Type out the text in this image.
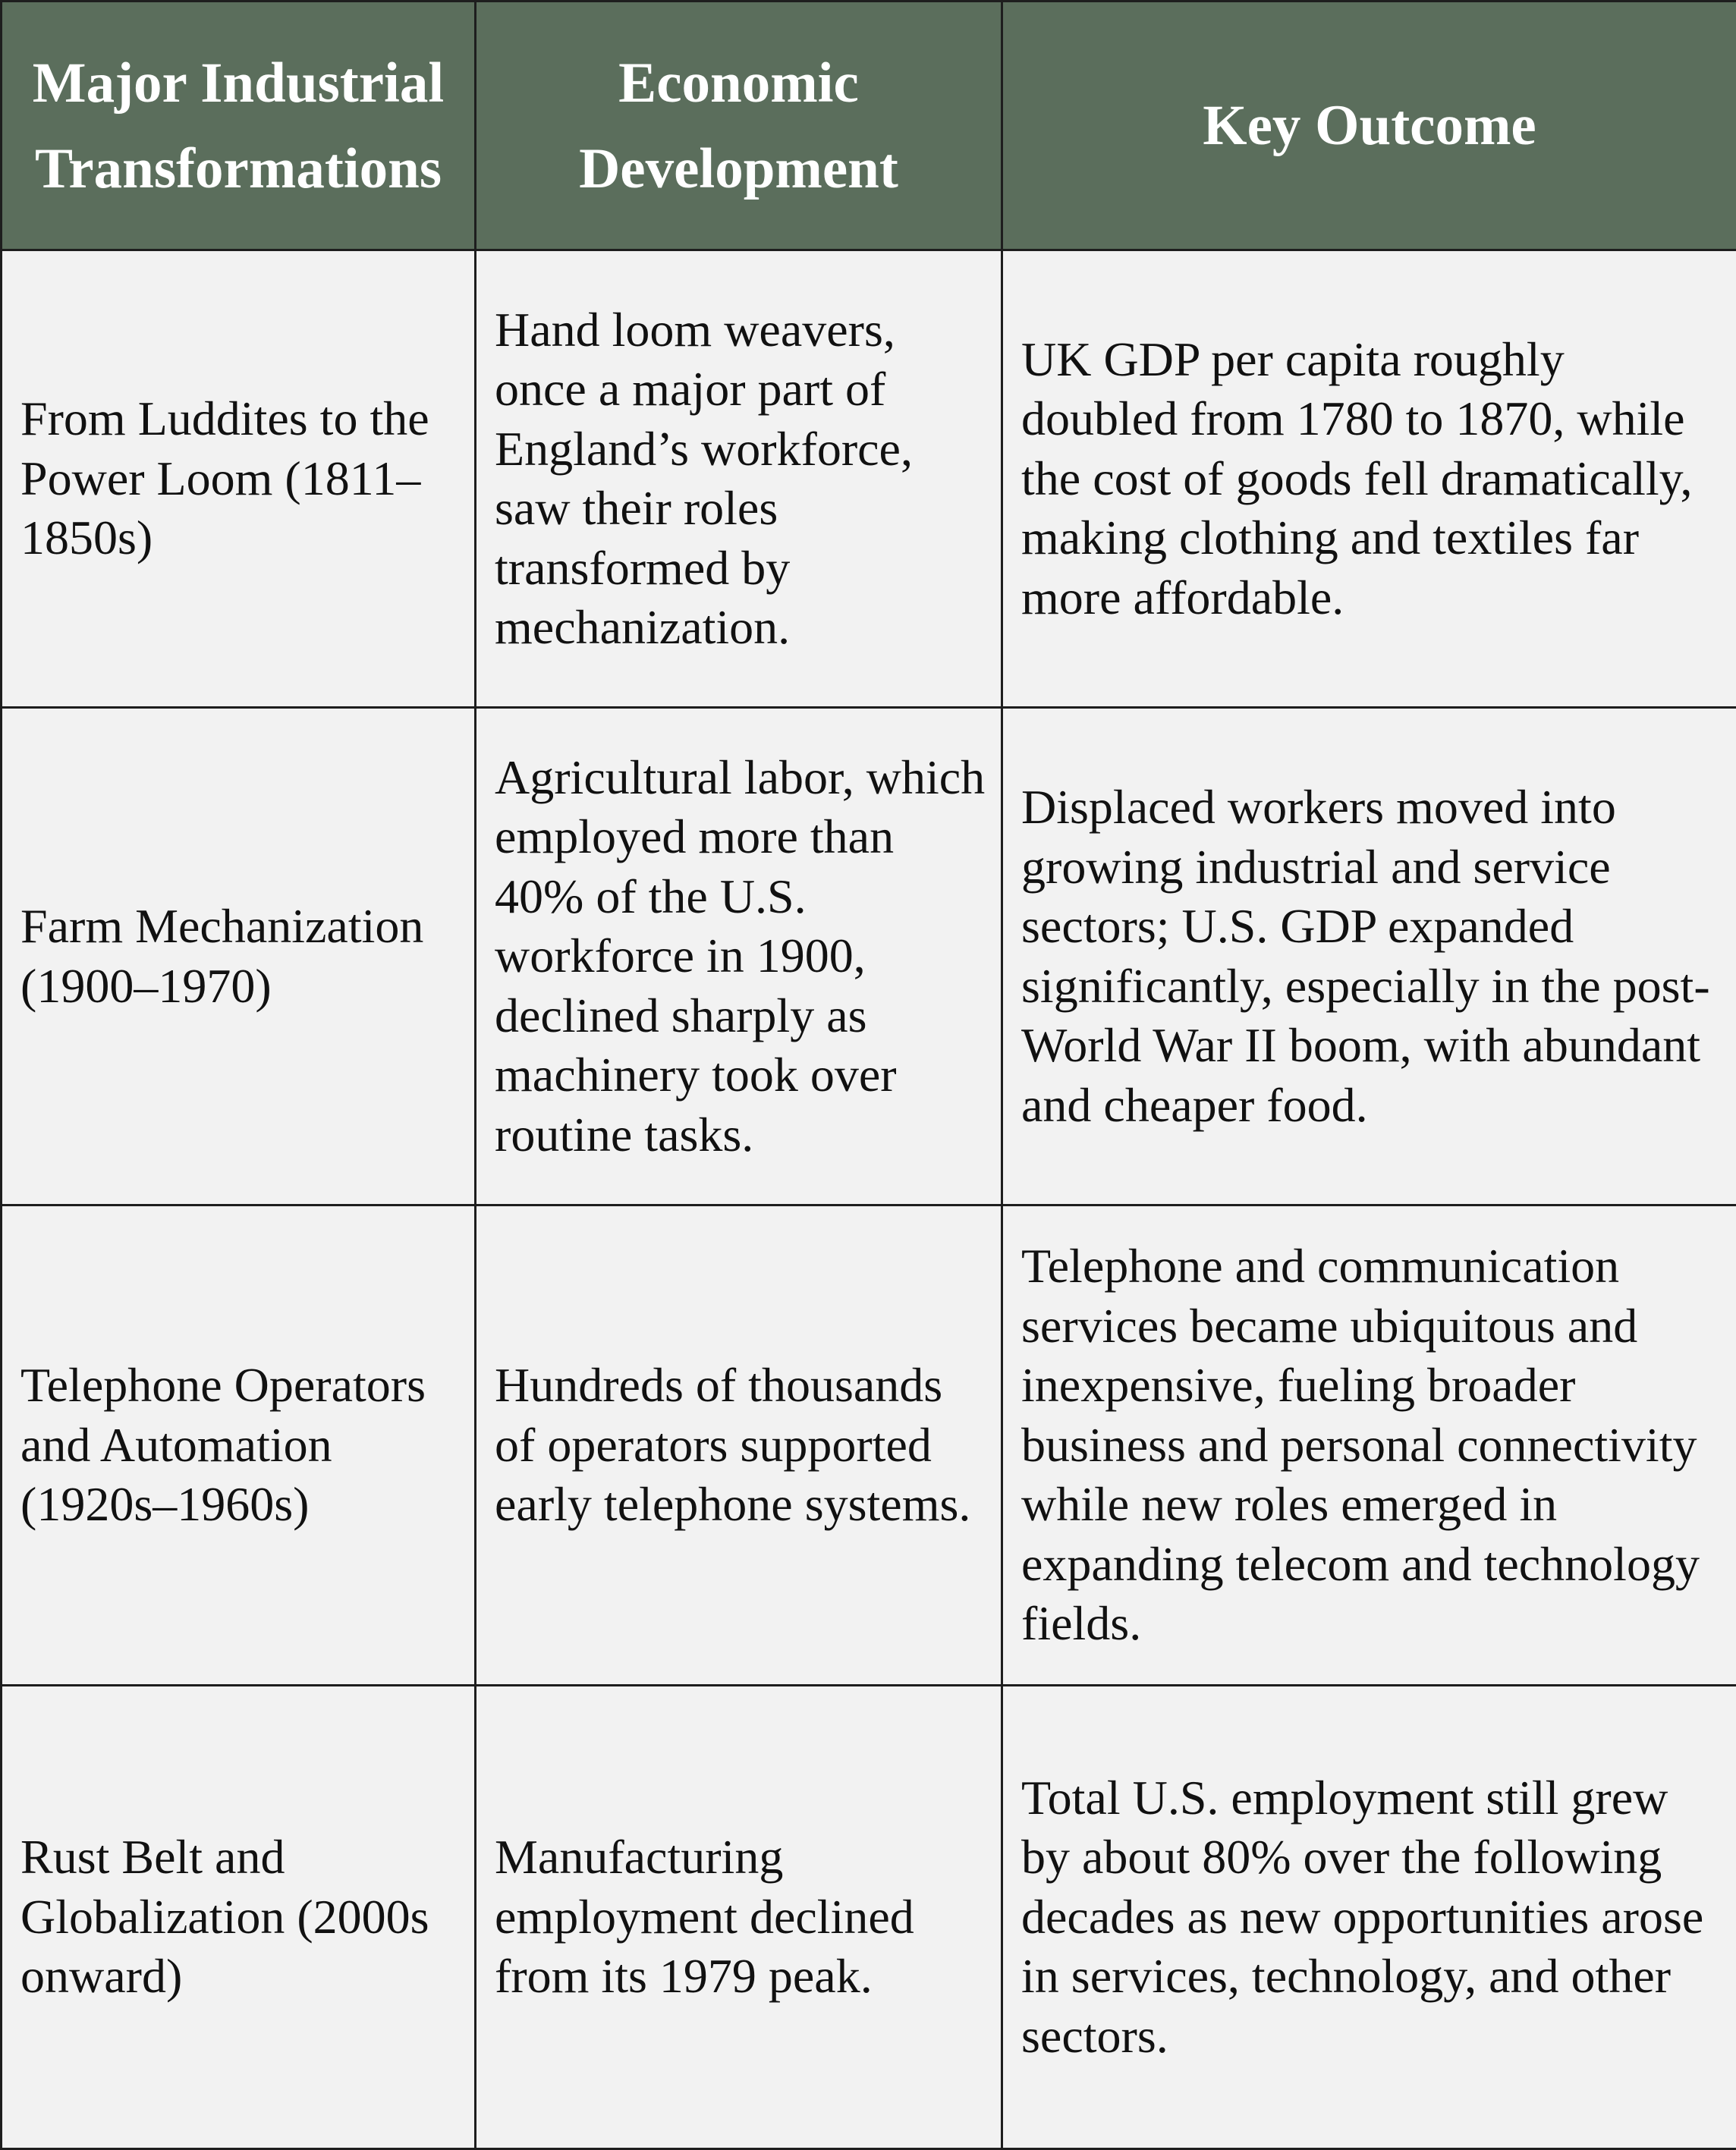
Major Industrial Transformations	Economic Development	Key Outcome

From Luddites to the Power Loom (1811–1850s)	Hand loom weavers, once a major part of England’s workforce, saw their roles transformed by mechanization.	UK GDP per capita roughly doubled from 1780 to 1870, while the cost of goods fell dramatically, making clothing and textiles far more affordable.

Farm Mechanization (1900–1970)	Agricultural labor, which employed more than 40% of the U.S. workforce in 1900, declined sharply as machinery took over routine tasks.	Displaced workers moved into growing industrial and service sectors; U.S. GDP expanded significantly, especially in the post-World War II boom, with abundant and cheaper food.

Telephone Operators and Automation (1920s–1960s)	Hundreds of thousands of operators supported early telephone systems.	Telephone and communication services became ubiquitous and inexpensive, fueling broader business and personal connectivity while new roles emerged in expanding telecom and technology fields.

Rust Belt and Globalization (2000s onward)	Manufacturing employment declined from its 1979 peak.	Total U.S. employment still grew by about 80% over the following decades as new opportunities arose in services, technology, and other sectors.
